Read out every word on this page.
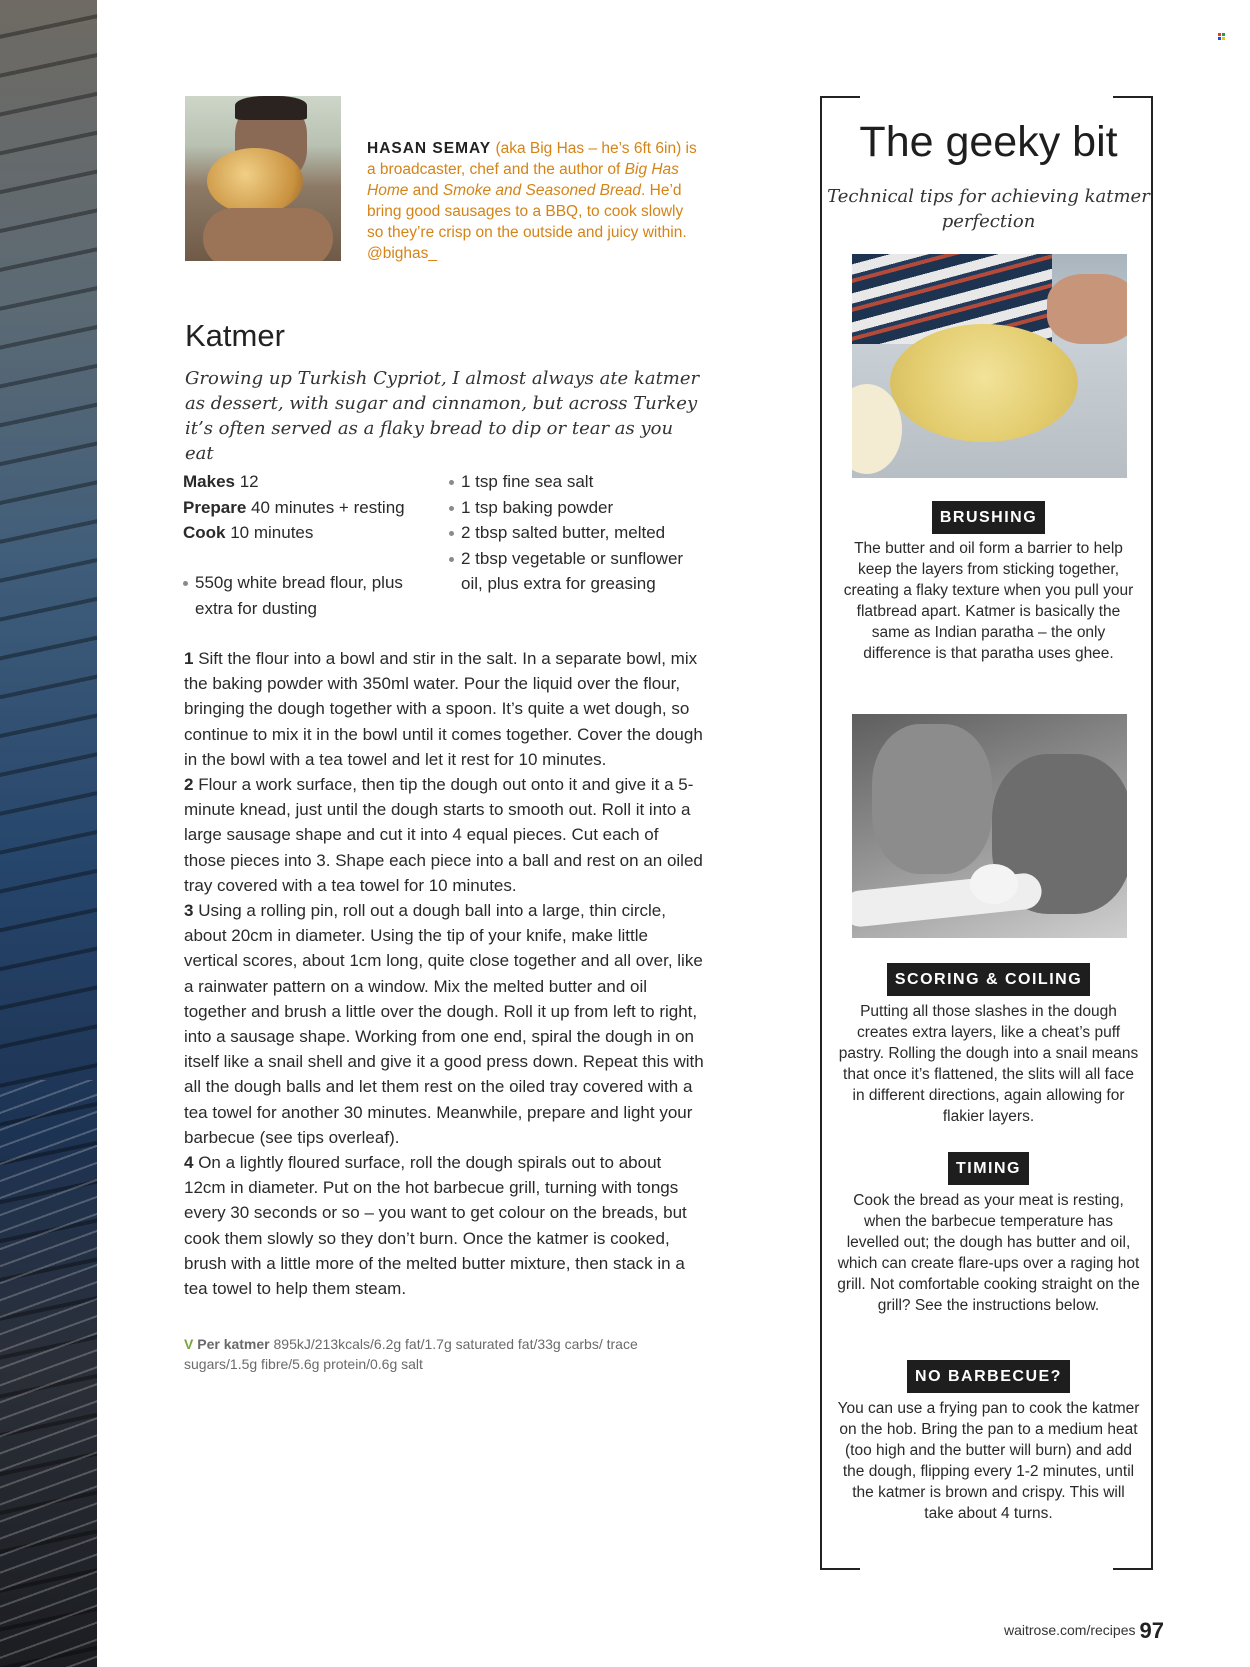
HASAN SEMAY (aka Big Has – he’s 6ft 6in) is a broadcaster, chef and the author of Big Has Home and Smoke and Seasoned Bread. He’d bring good sausages to a BBQ, to cook slowly so they’re crisp on the outside and juicy within. @bighas_
Katmer
Growing up Turkish Cypriot, I almost always ate katmer as dessert, with sugar and cinnamon, but across Turkey it’s often served as a flaky bread to dip or tear as you eat
Makes 12
Prepare 40 minutes + resting
Cook 10 minutes
550g white bread flour, plus extra for dusting
1 tsp fine sea salt
1 tsp baking powder
2 tbsp salted butter, melted
2 tbsp vegetable or sunflower oil, plus extra for greasing

1 Sift the flour into a bowl and stir in the salt. In a separate bowl, mix the baking powder with 350ml water. Pour the liquid over the flour, bringing the dough together with a spoon. It’s quite a wet dough, so continue to mix it in the bowl until it comes together. Cover the dough in the bowl with a tea towel and let it rest for 10 minutes.

2 Flour a work surface, then tip the dough out onto it and give it a 5-minute knead, just until the dough starts to smooth out. Roll it into a large sausage shape and cut it into 4 equal pieces. Cut each of those pieces into 3. Shape each piece into a ball and rest on an oiled tray covered with a tea towel for 10 minutes.

3 Using a rolling pin, roll out a dough ball into a large, thin circle, about 20cm in diameter. Using the tip of your knife, make little vertical scores, about 1cm long, quite close together and all over, like a rainwater pattern on a window. Mix the melted butter and oil together and brush a little over the dough. Roll it up from left to right, into a sausage shape. Working from one end, spiral the dough in on itself like a snail shell and give it a good press down. Repeat this with all the dough balls and let them rest on the oiled tray covered with a tea towel for another 30 minutes. Meanwhile, prepare and light your barbecue (see tips overleaf).

4 On a lightly floured surface, roll the dough spirals out to about 12cm in diameter. Put on the hot barbecue grill, turning with tongs every 30 seconds or so – you want to get colour on the breads, but cook them slowly so they don’t burn. Once the katmer is cooked, brush with a little more of the melted butter mixture, then stack in a tea towel to help them steam.

V Per katmer 895kJ/213kcals/6.2g fat/1.7g saturated fat/33g carbs/ trace sugars/1.5g fibre/5.6g protein/0.6g salt
The geeky bit
Technical tips for achieving katmer perfection
BRUSHING
The butter and oil form a barrier to help keep the layers from sticking together, creating a flaky texture when you pull your flatbread apart. Katmer is basically the same as Indian paratha – the only difference is that paratha uses ghee.
SCORING & COILING
Putting all those slashes in the dough creates extra layers, like a cheat’s puff pastry. Rolling the dough into a snail means that once it’s flattened, the slits will all face in different directions, again allowing for flakier layers.
TIMING
Cook the bread as your meat is resting, when the barbecue temperature has levelled out; the dough has butter and oil, which can create flare-ups over a raging hot grill. Not comfortable cooking straight on the grill? See the instructions below.
NO BARBECUE?
You can use a frying pan to cook the katmer on the hob. Bring the pan to a medium heat (too high and the butter will burn) and add the dough, flipping every 1-2 minutes, until the katmer is brown and crispy. This will take about 4 turns.
waitrose.com/recipes 97
